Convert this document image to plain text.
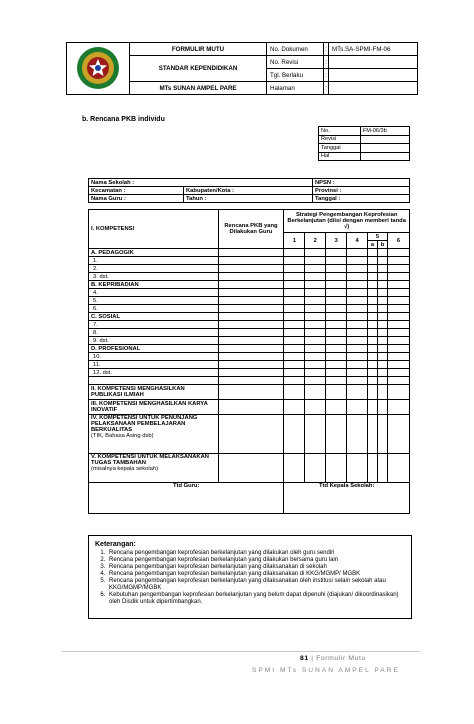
	FORMULIR MUTU	No. Dokumen	:	MTs.SA-SPMI-FM-06
	STANDAR KEPENDIDIKAN	No. Revisi	:	
		Tgl. Berlaku	:	
	MTs SUNAN AMPEL PARE	Halaman	:	
b. Rencana PKB individu
No.	FM-06/3b
Revisi	
Tanggal	
Hal	
Nama Sekolah :		NPSN :
Kecamatan :	Kabupaten/Kota :	Provinsi :
Nama Guru :	Tahun :	Tanggal :
I. KOMPETENSI	Rencana PKB yang Dilakukan Guru	Strategi Pengembangan Keprofesian Berkelanjutan (diisi dengan memberi tanda √)						
		1	2	3	4	5		6
						a	b	
A. PEDAGOGIK								
1.								
2.								
3. dst.								
B. KEPRIBADIAN								
4.								
5.								
6.								
C. SOSIAL								
7.								
8.								
9. dst.								
D. PROFESIONAL								
10.								
11.								
12. dst.								

II. KOMPETENSI MENGHASILKAN PUBLIKASI ILMIAH								
III. KOMPETENSI MENGHASILKAN KARYA INOVATIF								

IV. KOMPETENSI UNTUK PENUNJANG PELAKSANAAN PEMBELAJARAN BERKUALITAS
(TIK, Bahasa Asing dsb)								

V. KOMPETENSI UNTUK MELAKSANAKAN TUGAS TAMBAHAN
(misalnya kepala sekolah)								

Ttd Guru:		Ttd Kepala Sekolah:						
Keterangan:
1. Rencana pengembangan keprofesian berkelanjutan yang dilakukan oleh guru sendiri
2. Rencana pengembangan keprofesian berkelanjutan yang dilakukan bersama guru lain
3. Rencana pengembangan keprofesian berkelanjutan yang dilaksanakan di sekolah
4. Rencana pengembangan keprofesian berkelanjutan yang dilaksanakan di KKG/MGMP/ MGBK
5. Rencana pengembangan keprofesian berkelanjutan yang dilaksanakan oleh institusi selain sekolah atau KKG/MGMP/MGBK
6. Kebutuhan pengembangan keprofesian berkelanjutan yang belum dapat dipenuhi (diajukan/ dikoordinasikan) oleh Disdik untuk dipertimbangkan.
81 | Formulir Mutu
SPMI MTs SUNAN AMPEL PARE
